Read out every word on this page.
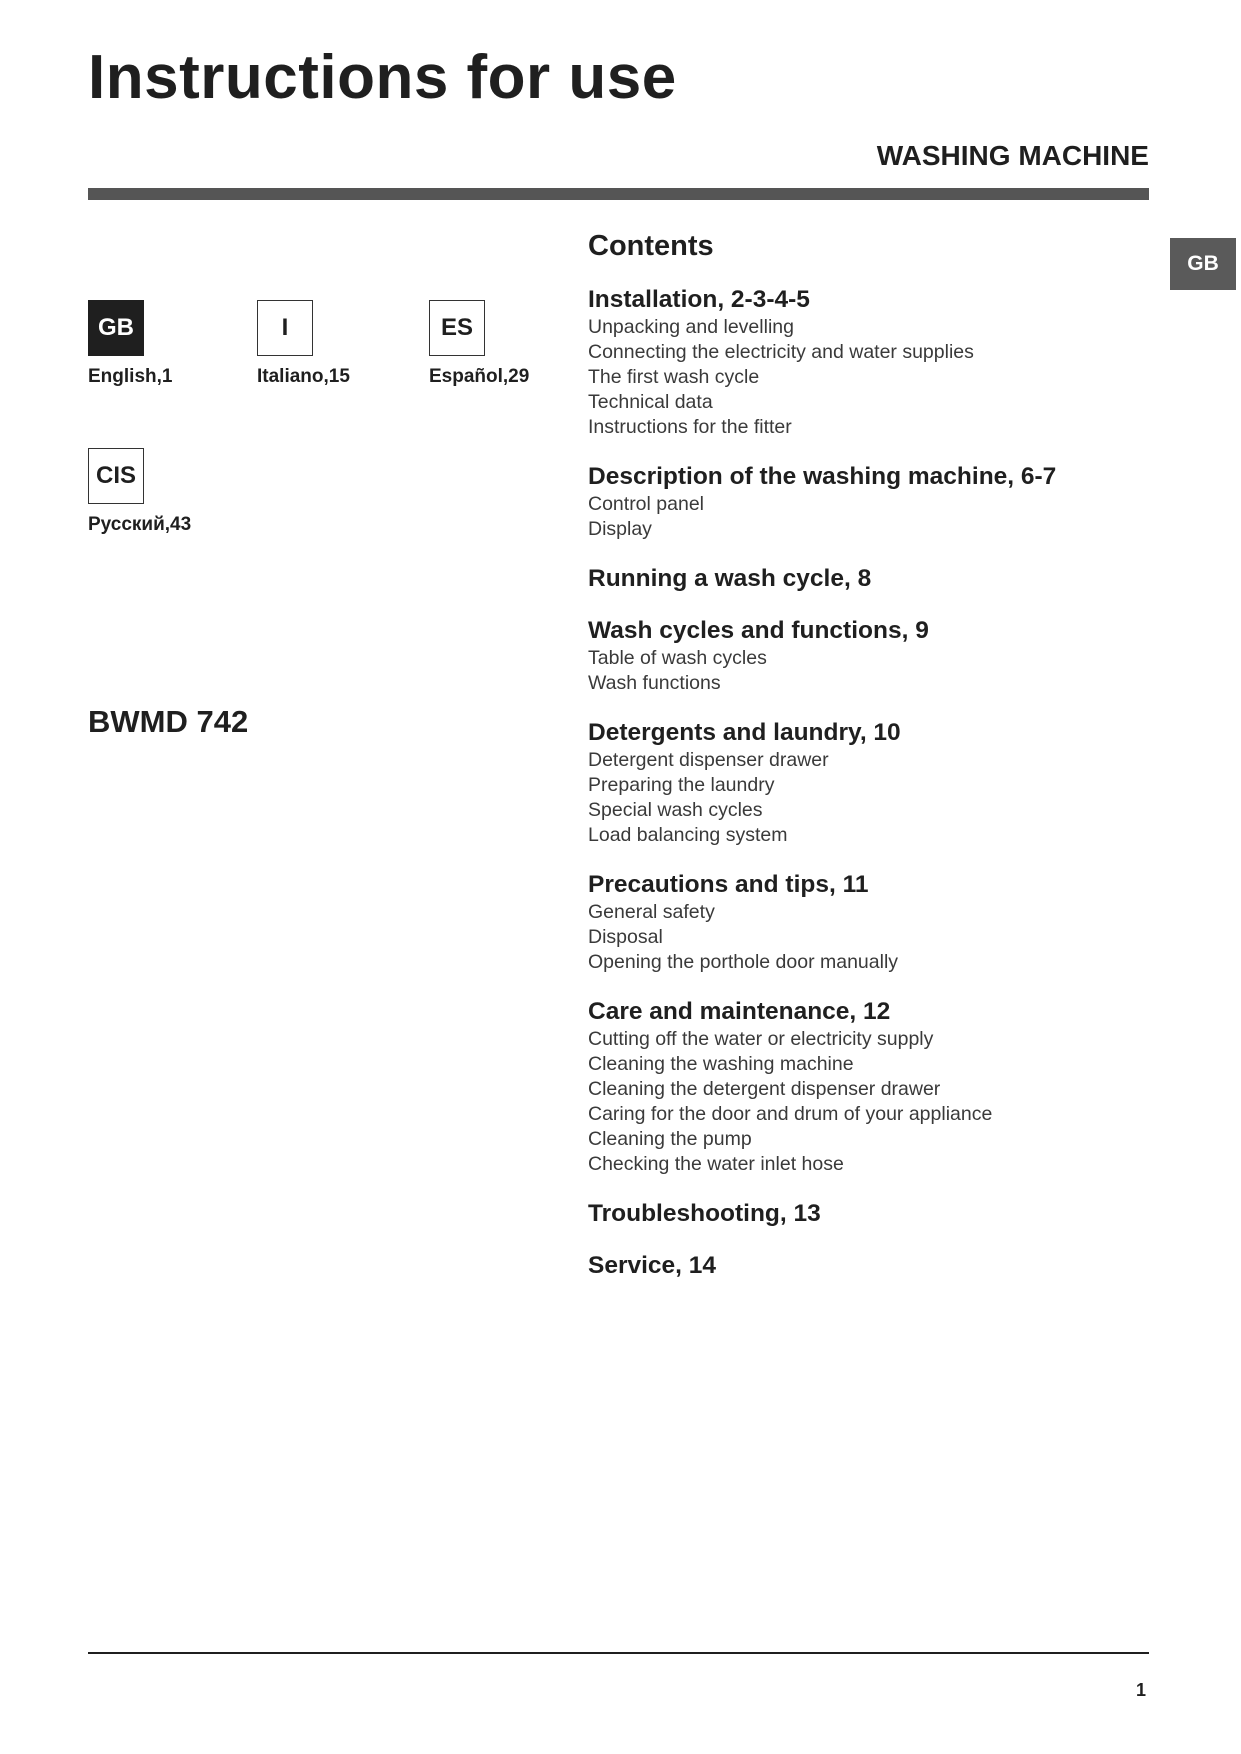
Instructions for use
WASHING MACHINE
GB
GB
English,1
I
Italiano,15
ES
Español,29
CIS
Русский,43
BWMD 742
Contents
Installation, 2-3-4-5
Unpacking and levelling
Connecting the electricity and water supplies
The first wash cycle
Technical data
Instructions for the fitter
Description of the washing machine, 6-7
Control panel
Display
Running a wash cycle, 8
Wash cycles and functions, 9
Table of wash cycles
Wash functions
Detergents and laundry, 10
Detergent dispenser drawer
Preparing the laundry
Special wash cycles
Load balancing system
Precautions and tips, 11
General safety
Disposal
Opening the porthole door manually
Care and maintenance, 12
Cutting off the water or electricity supply
Cleaning the washing machine
Cleaning the detergent dispenser drawer
Caring for the door and drum of your appliance
Cleaning the pump
Checking the water inlet hose
Troubleshooting, 13
Service, 14
1
